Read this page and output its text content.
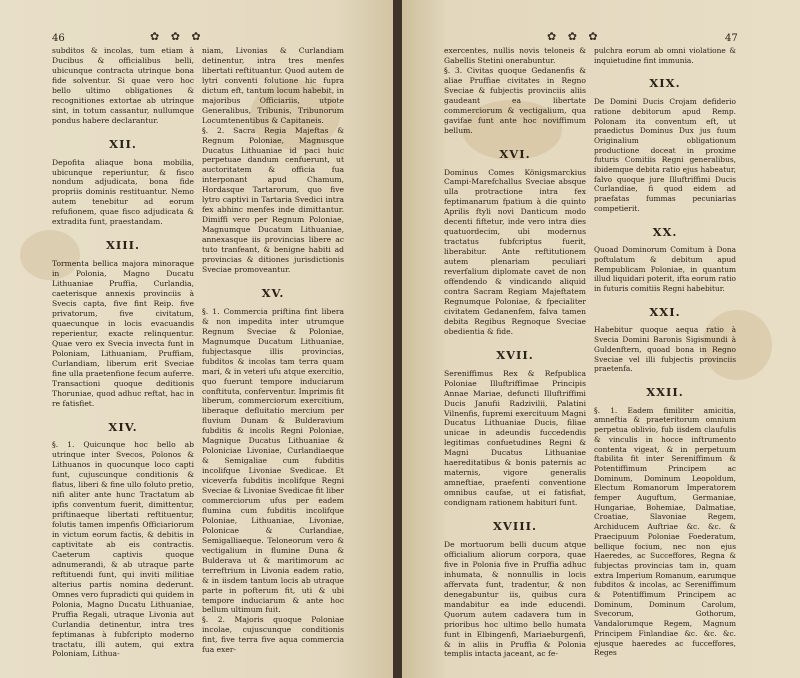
46	✿ ✿ ✿

subditos & incolas, tum etiam à Ducibus & officialibus belli, ubicunque contracta utrinque bona fide solventur. Si quae vero hoc bello ultimo obligationes & recognitiones extortae ab utrinque sint, in totum cassantur, nullumque pondus habere declarantur.

XII.

Depofita aliaque bona mobilia, ubicunque reperiuntur, & fisco nondum adjudicata, bona fide propriis dominis restituantur. Nemo autem tenebitur ad eorum refufionem, quae fisco adjudicata & extradita funt, praestandam.

XIII.

Tormenta bellica majora minoraque in Polonia, Magno Ducatu Lithuaniae Pruffia, Curlandia, caeterisque annexis provinciis à Svecis capta, five fint Reip. five privatorum, five civitatum, quaecunque in locis evacuandis reperientur, exacte relinquentur. Quae vero ex Svecia invecta funt in Poloniam, Lithuaniam, Pruffiam, Curlandiam, liberum erit Sveciae fine ulla praetenfione fecum auferre. Transactioni quoque deditionis Thoruniae, quod adhuc reftat, hac in re fatisfiet.

XIV.

§. 1. Quicunque hoc bello ab utrinque inter Svecos, Polonos & Lithuanos in quocunque loco capti funt, cujuscunque conditionis & flatus, liberi & fine ullo foluto pretio, nifi aliter ante hunc Tractatum ab ipfis conventum fuerit, dimittentur, priftinaeque libertati reftituentur, folutis tamen impenfis Officiariorum in victum eorum factis, & debitis in captivitate ab eis contractis. Caeterum captivis quoque adnumerandi, & ab utraque parte reftituendi funt, qui inviti militiae alterius partis nomina dederunt. Omnes vero fupradicti qui quidem in Polonia, Magno Ducatu Lithuaniae, Pruffia Regali, utraque Livonia aut Curlandia detinentur, intra tres feptimanas à fubfcripto moderno tractatu, illi autem, qui extra Poloniam, Lithua-

niam, Livonias & Curlandiam detinentur, intra tres menfes libertati reftituantur. Quod autem de lytri conventi folutione hic fupra dictum eft, tantum locum habebit, in majoribus Officiariis, utpote Generalibus, Tribunis, Tribunorum Locumtenentibus & Capitaneis.

§. 2. Sacra Regia Majeftas & Regnum Poloniae, Magnusque Ducatus Lithuaniae id paci huic perpetuae dandum cenfuerunt, ut auctoritatem & officia fua interponant apud Chamum, Hordasque Tartarorum, quo five lytro captivi in Tartaria Svedici intra fex abhinc menfes inde dimittantur. Dimiffi vero per Regnum Poloniae, Magnumque Ducatum Lithuaniae, annexasque iis provincias libere ac tuto tranfeant, & benigne habiti ad provincias & ditiones jurisdictionis Sveciae promoveantur.

XV.

§. 1. Commercia priftina fint libera & non impedita inter utrumque Regnum Sveciae & Poloniae, Magnumque Ducatum Lithuaniae, fubjectasque illis provincias, fubditos & incolas tam terra quam mari, & in veteri ufu atque exercitio, quo fuerunt tempore induciarum conftituta, conferventur. Imprimis fit liberum, commerciorum exercitium, liberaque defluitatio mercium per fluvium Dunam & Bulderavium fubditis & incolis Regni Poloniae, Magnique Ducatus Lithuaniae & Poloniciae Livoniae, Curlandiaeque & Semigaliae cum fubditis incolifque Livoniae Svedicae. Et viceverfa fubditis incolifque Regni Sveciae & Livoniae Svedicae fit liber commerciorum ufus per eadem flumina cum fubditis incolifque Poloniae, Lithuaniae, Livoniae, Polonicae & Curlandiae, Semigalliaeque. Teloneorum vero & vectigalium in flumine Duna & Bulderava ut & maritimorum ac terreftrium in Livonia eadem ratio, & in iisdem tantum locis ab utraque parte in pofterum fit, uti & ubi tempore induciarum & ante hoc bellum ultimum fuit.

§. 2. Majoris quoque Poloniae incolae, cujuscunque conditionis fint, five terra five aqua commercia fua exer-

✿ ✿ ✿	47

exercentes, nullis novis teloneis & Gabellis Stetini onerabuntur.

§. 3. Civitas quoque Gedanenfis & aliae Pruffiae civitates in Regno Sveciae & fubjectis provinciis aliis gaudeant ea libertate commerciorum & vectigalium, qua gavifae funt ante hoc noviffimum bellum.

XVI.

Dominus Comes Königsmarckius Campi-Marefchallus Sveciae absque ulla protractione intra fex feptimanarum fpatium à die quinto Aprilis ftyli novi Danticum modo decenti fiftetur, inde vero intra dies quatuordecim, ubi modernus tractatus fubfcriptus fuerit, liberabitur. Ante reftitutionem autem plenariam peculiari reverfalium diplomate cavet de non offendendo & vindicando aliquid contra Sacram Regiam Majeftatem Regnumque Poloniae, & fpecialiter civitatem Gedanenfem, falva tamen debita Regibus Regnoque Sveciae obedientia & fide.

XVII.

Sereniffimus Rex & Refpublica Poloniae Illuftriffimae Principis Annae Mariae, defuncti Illuftriffimi Ducis Janufii Radzivilii, Palatini Vilnenfis, fupremi exercituum Magni Ducatus Lithuaniae Ducis, filiae unicae in adeundis fuccedendis legitimas confuetudines Regni & Magni Ducatus Lithuaniae haereditatibus & bonis paternis ac maternis, vigore generalis amneftiae, praefenti conventione omnibus caufae, ut ei fatisfiat, condignam rationem habituri funt.

XVIII.

De mortuorum belli ducum atque officialium aliorum corpora, quae five in Polonia five in Pruffia adhuc inhumata, & nonnullis in locis affervata funt, tradentur, & non denegabuntur iis, quibus cura mandabitur ea inde educendi. Quorum autem cadavera tum in prioribus hoc ultimo bello humata funt in Elbingenfi, Mariaeburgenfi, & in aliis in Pruffia & Polonia templis intacta jaceant, ac fe-

pulchra eorum ab omni violatione & inquietudine fint immunia.

XIX.

De Domini Ducis Crojam defiderio ratione debitorum apud Remp. Polonam ita conventum eft, ut praedictus Dominus Dux jus fuum Originalium obligationum productione doceat in proxime futuris Comitiis Regni generalibus, ibidemque debita ratio ejus habeatur, falvo quoque jure Illuftriffimi Ducis Curlandiae, fi quod eidem ad praefatas fummas pecuniarias competierit.

XX.

Quoad Dominorum Comitum à Dona poftulatum & debitum apud Rempublicam Poloniae, in quantum illud liquidari poterit, ifta eorum ratio in futuris comitiis Regni habebitur.

XXI.

Habebitur quoque aequa ratio à Svecia Domini Baronis Sigismundi à Guldenftern, quoad bona in Regno Sveciae vel illi fubjectis provinciis praetenfa.

XXII.

§. 1. Eadem fimiliter amicitia, amneftia & praeteritorum omnium perpetua oblivio, fub iisdem claufulis & vinculis in hocce inftrumento contenta vigeat, & in perpetuum ftabilita fit inter Sereniffimum & Potentiffimum Principem ac Dominum, Dominum Leopoldum, Electum Romanorum Imperatorem femper Auguftum, Germaniae, Hungariae, Bohemiae, Dalmatiae, Croatiae, Slavoniae Regem, Archiducem Auftriae &c. &c. & Praecipuum Poloniae Foederatum, bellique focium, nec non ejus Haeredes, ac Succeffores, Regna & fubjectas provincias tam in, quam extra Imperium Romanum, earumque fubditos & incolas, ac Sereniffimum & Potentiffimum Principem ac Dominum, Dominum Carolum, Svecorum, Gothorum, Vandalorumque Regem, Magnum Principem Finlandiae &c. &c. &c. ejusque haeredes ac fucceffores, Reges
